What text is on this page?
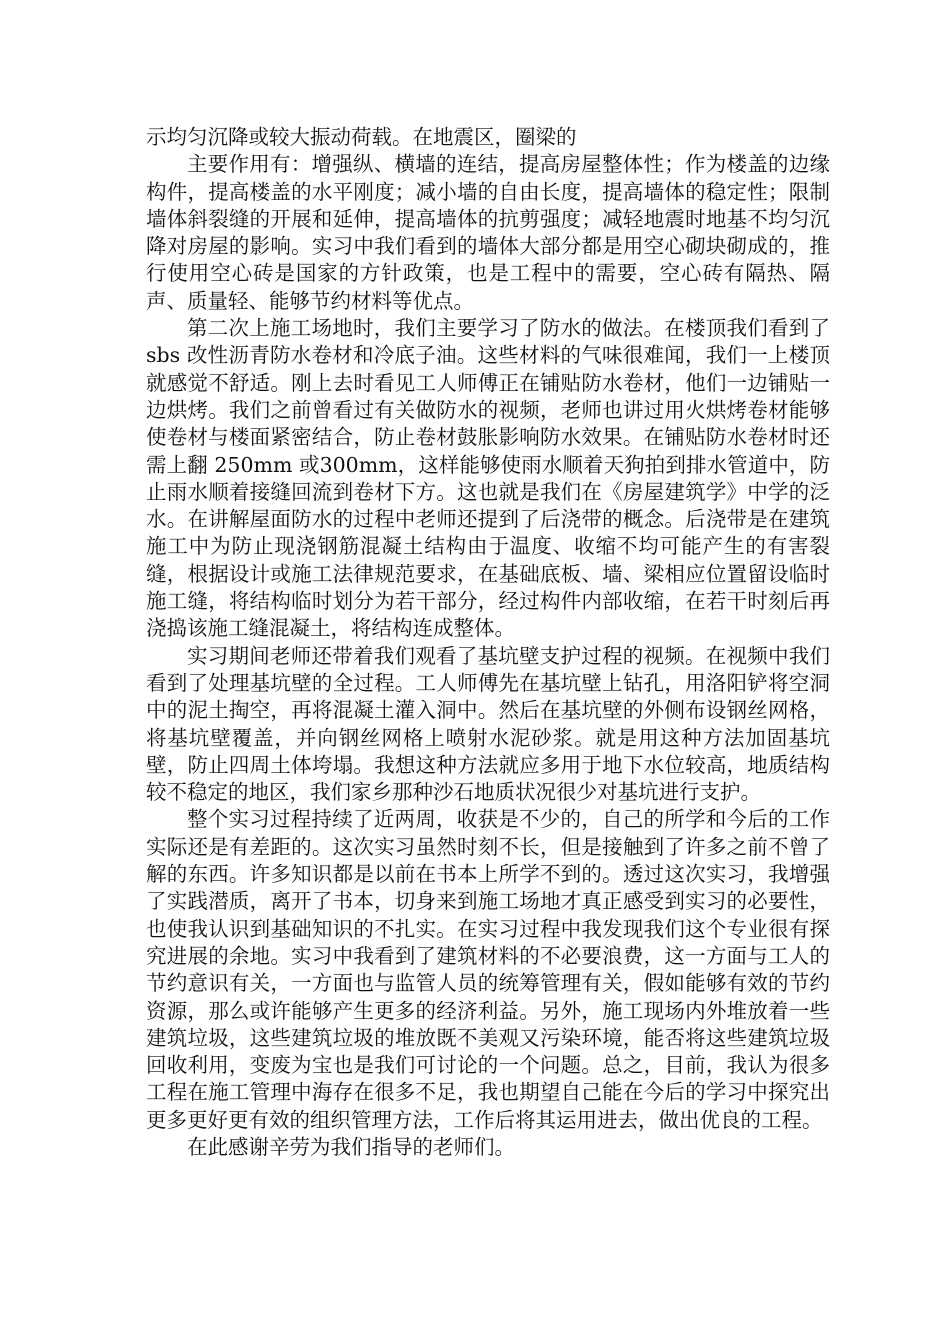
示均匀沉降或较大振动荷载。在地震区，圈梁的

主要作用有：增强纵、横墙的连结，提高房屋整体性；作为楼盖的边缘构件，提高楼盖的水平刚度；减小墙的自由长度，提高墙体的稳定性；限制墙体斜裂缝的开展和延伸，提高墙体的抗剪强度；减轻地震时地基不均匀沉降对房屋的影响。实习中我们看到的墙体大部分都是用空心砌块砌成的，推行使用空心砖是国家的方针政策，也是工程中的需要，空心砖有隔热、隔声、质量轻、能够节约材料等优点。

第二次上施工场地时，我们主要学习了防水的做法。在楼顶我们看到了 sbs 改性沥青防水卷材和冷底子油。这些材料的气味很难闻，我们一上楼顶就感觉不舒适。刚上去时看见工人师傅正在铺贴防水卷材，他们一边铺贴一边烘烤。我们之前曾看过有关做防水的视频，老师也讲过用火烘烤卷材能够使卷材与楼面紧密结合，防止卷材鼓胀影响防水效果。在铺贴防水卷材时还需上翻 250mm 或300mm，这样能够使雨水顺着天狗拍到排水管道中，防止雨水顺着接缝回流到卷材下方。这也就是我们在《房屋建筑学》中学的泛水。在讲解屋面防水的过程中老师还提到了后浇带的概念。后浇带是在建筑施工中为防止现浇钢筋混凝土结构由于温度、收缩不均可能产生的有害裂缝，根据设计或施工法律规范要求，在基础底板、墙、梁相应位置留设临时施工缝，将结构临时划分为若干部分，经过构件内部收缩，在若干时刻后再浇捣该施工缝混凝土，将结构连成整体。

实习期间老师还带着我们观看了基坑壁支护过程的视频。在视频中我们看到了处理基坑壁的全过程。工人师傅先在基坑壁上钻孔，用洛阳铲将空洞中的泥土掏空，再将混凝土灌入洞中。然后在基坑壁的外侧布设钢丝网格，将基坑壁覆盖，并向钢丝网格上喷射水泥砂浆。就是用这种方法加固基坑壁，防止四周土体垮塌。我想这种方法就应多用于地下水位较高，地质结构较不稳定的地区，我们家乡那种沙石地质状况很少对基坑进行支护。

整个实习过程持续了近两周，收获是不少的，自己的所学和今后的工作实际还是有差距的。这次实习虽然时刻不长，但是接触到了许多之前不曾了解的东西。许多知识都是以前在书本上所学不到的。透过这次实习，我增强了实践潜质，离开了书本，切身来到施工场地才真正感受到实习的必要性，也使我认识到基础知识的不扎实。在实习过程中我发现我们这个专业很有探究进展的余地。实习中我看到了建筑材料的不必要浪费，这一方面与工人的节约意识有关，一方面也与监管人员的统筹管理有关，假如能够有效的节约资源，那么或许能够产生更多的经济利益。另外，施工现场内外堆放着一些建筑垃圾，这些建筑垃圾的堆放既不美观又污染环境，能否将这些建筑垃圾回收利用，变废为宝也是我们可讨论的一个问题。总之，目前，我认为很多工程在施工管理中海存在很多不足，我也期望自己能在今后的学习中探究出更多更好更有效的组织管理方法，工作后将其运用进去，做出优良的工程。

在此感谢辛劳为我们指导的老师们。
